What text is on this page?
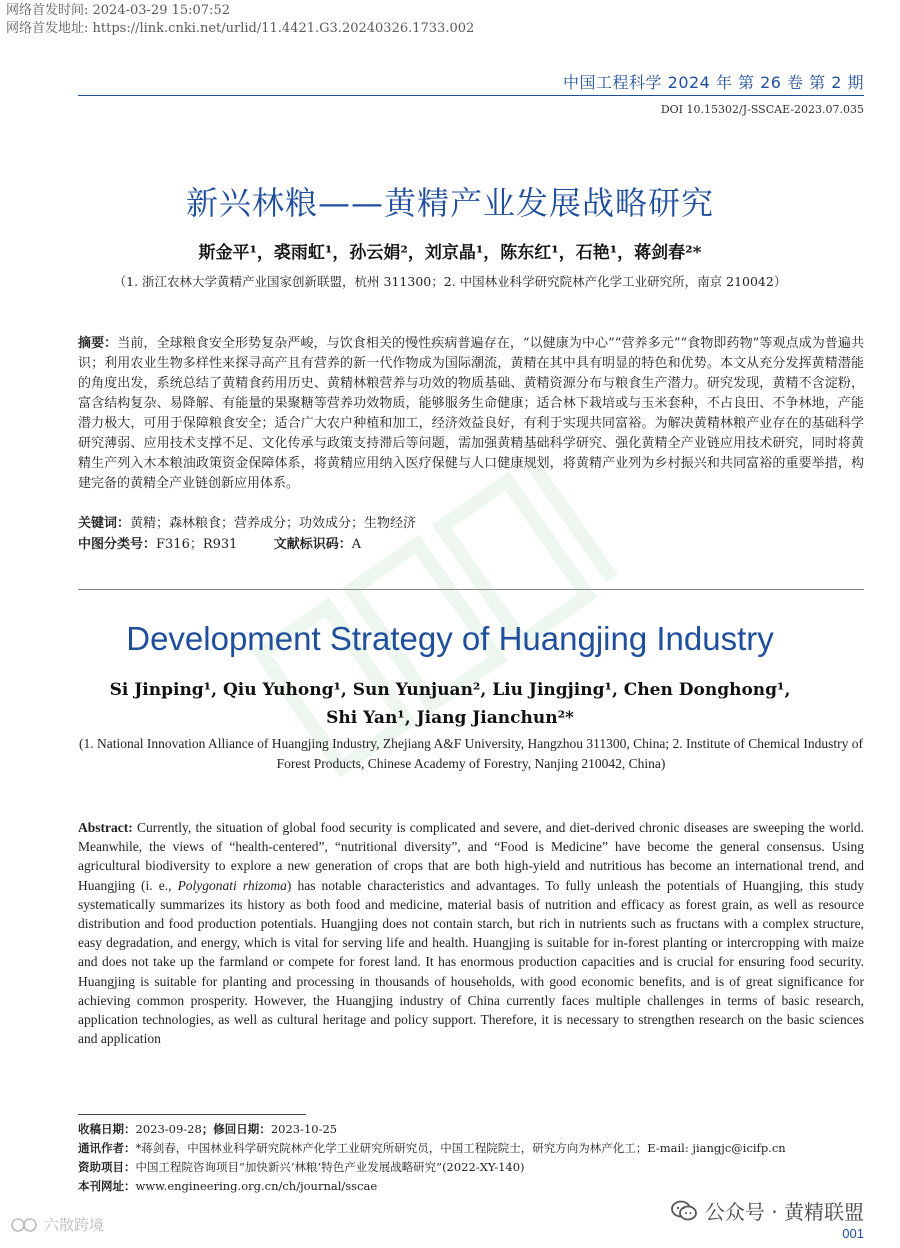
网络首发时间: 2024-03-29 15:07:52
网络首发地址: https://link.cnki.net/urlid/11.4421.G3.20240326.1733.002
中国工程科学 2024 年 第 26 卷 第 2 期
DOI 10.15302/J-SSCAE-2023.07.035
新兴林粮——黄精产业发展战略研究
斯金平¹，裘雨虹¹，孙云娟²，刘京晶¹，陈东红¹，石艳¹，蒋剑春²*
（1. 浙江农林大学黄精产业国家创新联盟，杭州 311300；2. 中国林业科学研究院林产化学工业研究所，南京 210042）
摘要：当前，全球粮食安全形势复杂严峻，与饮食相关的慢性疾病普遍存在，“以健康为中心”“营养多元”“食物即药物”等观点成为普遍共识；利用农业生物多样性来探寻高产且有营养的新一代作物成为国际潮流，黄精在其中具有明显的特色和优势。本文从充分发挥黄精潜能的角度出发，系统总结了黄精食药用历史、黄精林粮营养与功效的物质基础、黄精资源分布与粮食生产潜力。研究发现，黄精不含淀粉，富含结构复杂、易降解、有能量的果聚糖等营养功效物质，能够服务生命健康；适合林下栽培或与玉米套种，不占良田、不争林地，产能潜力极大，可用于保障粮食安全；适合广大农户种植和加工，经济效益良好，有利于实现共同富裕。为解决黄精林粮产业存在的基础科学研究薄弱、应用技术支撑不足、文化传承与政策支持滞后等问题，需加强黄精基础科学研究、强化黄精全产业链应用技术研究，同时将黄精生产列入木本粮油政策资金保障体系，将黄精应用纳入医疗保健与人口健康规划，将黄精产业列为乡村振兴和共同富裕的重要举措，构建完备的黄精全产业链创新应用体系。
关键词：黄精；森林粮食；营养成分；功效成分；生物经济
中图分类号：F316；R931	文献标识码：A
Development Strategy of Huangjing Industry
Si Jinping¹, Qiu Yuhong¹, Sun Yunjuan², Liu Jingjing¹, Chen Donghong¹,
Shi Yan¹, Jiang Jianchun²*
(1. National Innovation Alliance of Huangjing Industry, Zhejiang A&F University, Hangzhou 311300, China; 2. Institute of Chemical Industry of Forest Products, Chinese Academy of Forestry, Nanjing 210042, China)
Abstract: Currently, the situation of global food security is complicated and severe, and diet-derived chronic diseases are sweeping the world. Meanwhile, the views of “health-centered”, “nutritional diversity”, and “Food is Medicine” have become the general consensus. Using agricultural biodiversity to explore a new generation of crops that are both high-yield and nutritious has become an international trend, and Huangjing (i. e., Polygonati rhizoma) has notable characteristics and advantages. To fully unleash the potentials of Huangjing, this study systematically summarizes its history as both food and medicine, material basis of nutrition and efficacy as forest grain, as well as resource distribution and food production potentials. Huangjing does not contain starch, but rich in nutrients such as fructans with a complex structure, easy degradation, and energy, which is vital for serving life and health. Huangjing is suitable for in-forest planting or intercropping with maize and does not take up the farmland or compete for forest land. It has enormous production capacities and is crucial for ensuring food security. Huangjing is suitable for planting and processing in thousands of households, with good economic benefits, and is of great significance for achieving common prosperity. However, the Huangjing industry of China currently faces multiple challenges in terms of basic research, application technologies, as well as cultural heritage and policy support. Therefore, it is necessary to strengthen research on the basic sciences and application
收稿日期：2023-09-28；修回日期：2023-10-25
通讯作者：*蒋剑春，中国林业科学研究院林产化学工业研究所研究员，中国工程院院士，研究方向为林产化工；E-mail: jiangjc@icifp.cn
资助项目：中国工程院咨询项目“加快新兴‘林粮’特色产业发展战略研究”(2022-XY-140)
本刊网址：www.engineering.org.cn/ch/journal/sscae
公众号 · 黄精联盟
001
六散跨境
